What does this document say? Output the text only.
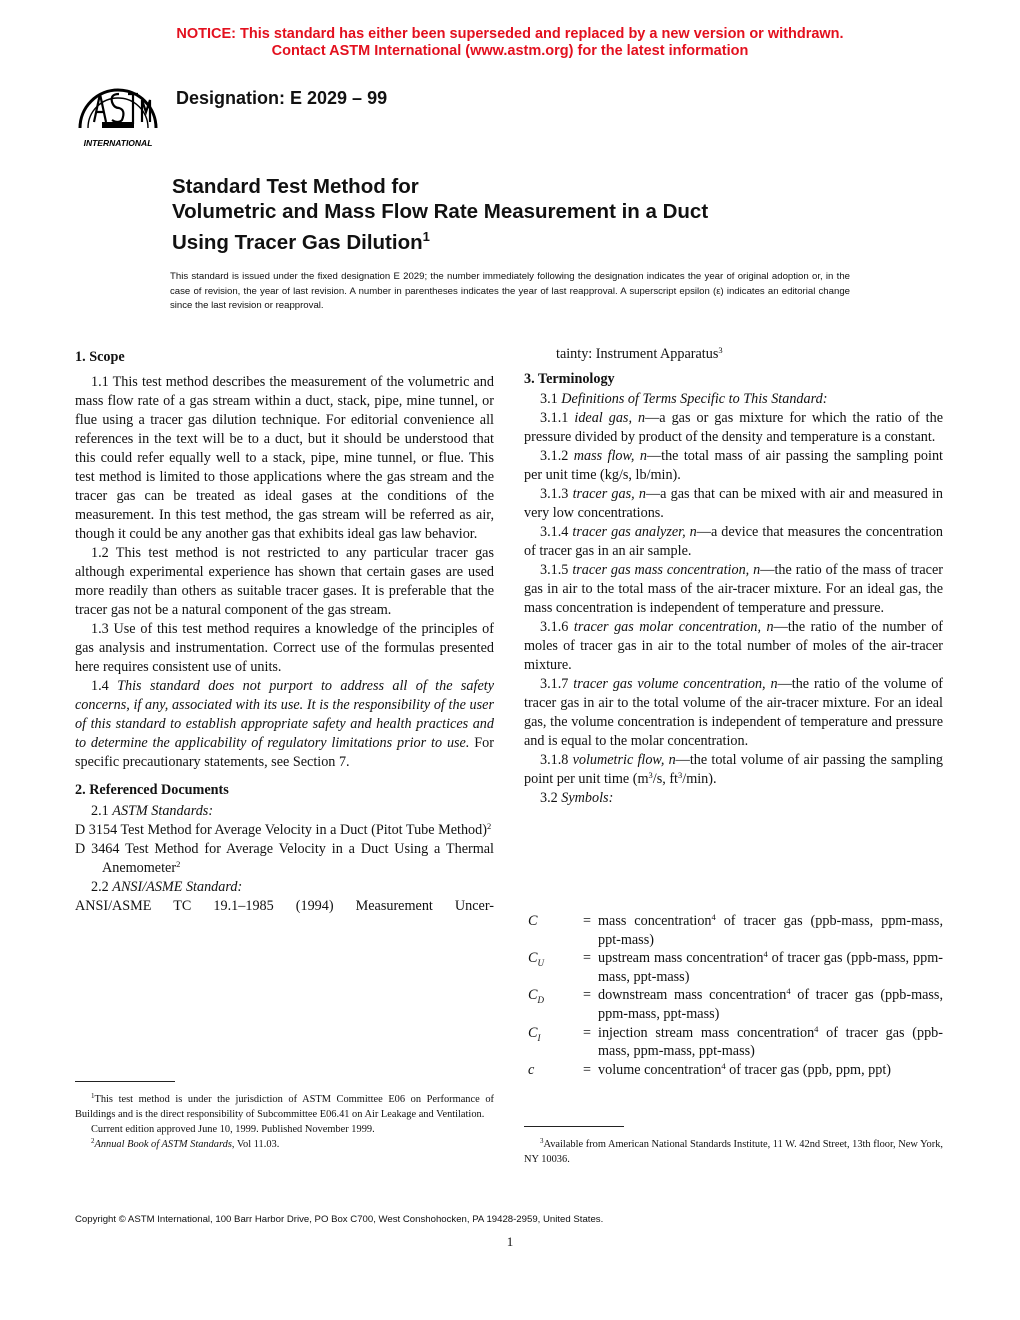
NOTICE: This standard has either been superseded and replaced by a new version or withdrawn.
Contact ASTM International (www.astm.org) for the latest information
INTERNATIONAL
Designation: E 2029 – 99
Standard Test Method for
Volumetric and Mass Flow Rate Measurement in a Duct
Using Tracer Gas Dilution$^1$
This standard is issued under the fixed designation E 2029; the number immediately following the designation indicates the year of original adoption or, in the case of revision, the year of last revision. A number in parentheses indicates the year of last reapproval. A superscript epsilon (ε) indicates an editorial change since the last revision or reapproval.
1. Scope

1.1 This test method describes the measurement of the volumetric and mass flow rate of a gas stream within a duct, stack, pipe, mine tunnel, or flue using a tracer gas dilution technique. For editorial convenience all references in the text will be to a duct, but it should be understood that this could refer equally well to a stack, pipe, mine tunnel, or flue. This test method is limited to those applications where the gas stream and the tracer gas can be treated as ideal gases at the conditions of the measurement. In this test method, the gas stream will be referred as air, though it could be any another gas that exhibits ideal gas law behavior.

1.2 This test method is not restricted to any particular tracer gas although experimental experience has shown that certain gases are used more readily than others as suitable tracer gases. It is preferable that the tracer gas not be a natural component of the gas stream.

1.3 Use of this test method requires a knowledge of the principles of gas analysis and instrumentation. Correct use of the formulas presented here requires consistent use of units.

1.4 This standard does not purport to address all of the safety concerns, if any, associated with its use. It is the responsibility of the user of this standard to establish appropriate safety and health practices and to determine the applicability of regulatory limitations prior to use. For specific precautionary statements, see Section 7.

2. Referenced Documents

2.1 ASTM Standards:

D 3154 Test Method for Average Velocity in a Duct (Pitot Tube Method)$^2$

D 3464 Test Method for Average Velocity in a Duct Using a Thermal Anemometer$^2$

2.2 ANSI/ASME Standard:

ANSI/ASME TC 19.1–1985 (1994) Measurement Uncer-

tainty: Instrument Apparatus$^3$

3. Terminology

3.1 Definitions of Terms Specific to This Standard:

3.1.1 ideal gas, n—a gas or gas mixture for which the ratio of the pressure divided by product of the density and temperature is a constant.

3.1.2 mass flow, n—the total mass of air passing the sampling point per unit time (kg/s, lb/min).

3.1.3 tracer gas, n—a gas that can be mixed with air and measured in very low concentrations.

3.1.4 tracer gas analyzer, n—a device that measures the concentration of tracer gas in an air sample.

3.1.5 tracer gas mass concentration, n—the ratio of the mass of tracer gas in air to the total mass of the air-tracer mixture. For an ideal gas, the mass concentration is independent of temperature and pressure.

3.1.6 tracer gas molar concentration, n—the ratio of the number of moles of tracer gas in air to the total number of moles of the air-tracer mixture.

3.1.7 tracer gas volume concentration, n—the ratio of the volume of tracer gas in air to the total volume of the air-tracer mixture. For an ideal gas, the volume concentration is independent of temperature and pressure and is equal to the molar concentration.

3.1.8 volumetric flow, n—the total volume of air passing the sampling point per unit time ($m^3/s$, $ft^3/\min$).

3.2 Symbols:

C	= mass concentration$^4$ of tracer gas (ppb-mass, ppm-mass, ppt-mass)
$C_U$	= upstream mass concentration$^4$ of tracer gas (ppb-mass, ppm-mass, ppt-mass)
$C_D$	= downstream mass concentration$^4$ of tracer gas (ppb-mass, ppm-mass, ppt-mass)
$C_I$	= injection stream mass concentration$^4$ of tracer gas (ppb-mass, ppm-mass, ppt-mass)
c	= volume concentration$^4$ of tracer gas (ppb, ppm, ppt)

$^1$This test method is under the jurisdiction of ASTM Committee E06 on Performance of Buildings and is the direct responsibility of Subcommittee E06.41 on Air Leakage and Ventilation.

Current edition approved June 10, 1999. Published November 1999.

$^2$Annual Book of ASTM Standards, Vol 11.03.	$^3$Available from American National Standards Institute, 11 W. 42nd Street, 13th floor, New York, NY 10036.

Copyright © ASTM International, 100 Barr Harbor Drive, PO Box C700, West Conshohocken, PA 19428-2959, United States.
1
